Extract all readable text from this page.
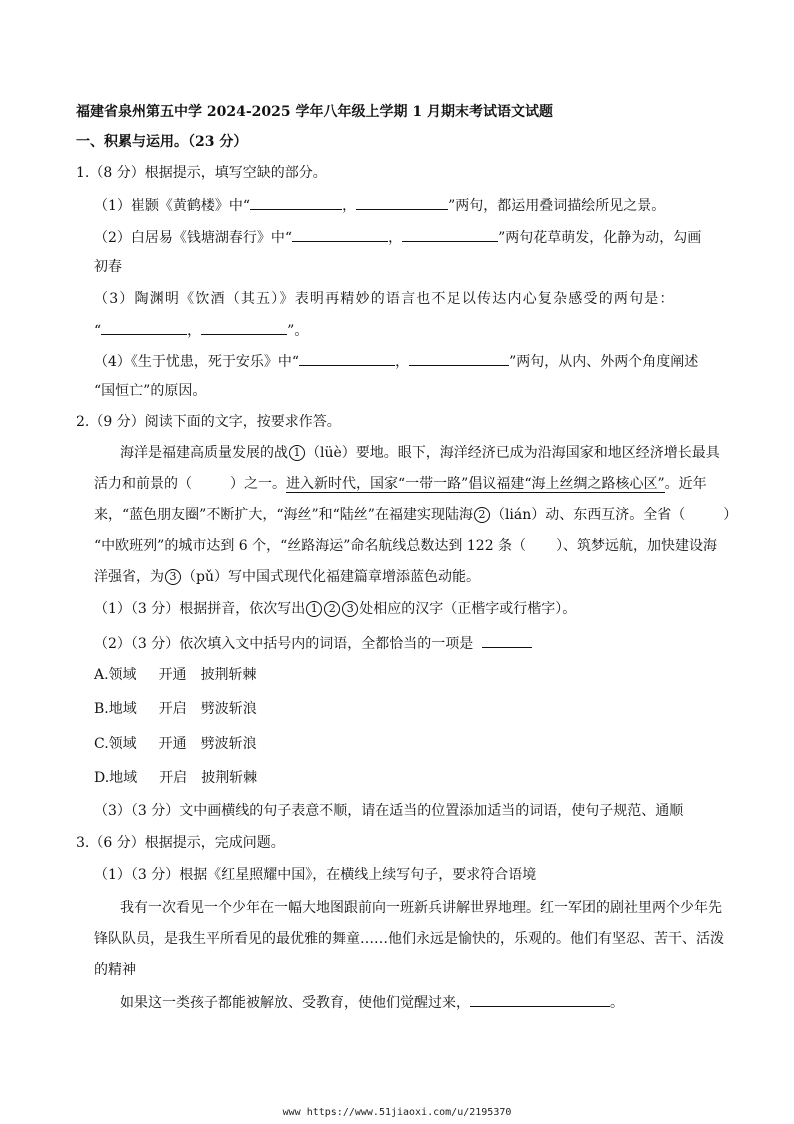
福建省泉州第五中学 2024-2025 学年八年级上学期 1 月期末考试语文试题
一、积累与运用。（23 分）
1.（8 分）根据提示，填写空缺的部分。
（1）崔颢《黄鹤楼》中“	，	”两句，都运用叠词描绘所见之景。
（2）白居易《钱塘湖春行》中“	，	”两句花草萌发，化静为动，勾画
初春
（3）陶渊明《饮酒（其五）》表明再精妙的语言也不足以传达内心复杂感受的两句是：
“	，	”。
（4）《生于忧患，死于安乐》中“	，	”两句，从内、外两个角度阐述
“国恒亡”的原因。
2.（9 分）阅读下面的文字，按要求作答。
海洋是福建高质量发展的战 1 （lüè）要地。眼下，海洋经济已成为沿海国家和地区经济增长最具
活力和前景的（	）之一。进入新时代，国家“一带一路”倡议福建“海上丝绸之路核心区”。近年
来，“蓝色朋友圈”不断扩大，“海丝”和“陆丝”在福建实现陆海 2 （lián）动、东西互济。全省（	）
“中欧班列”的城市达到 6 个，“丝路海运”命名航线总数达到 122 条（ ）、筑梦远航，加快建设海
洋强省，为 3 （pǔ）写中国式现代化福建篇章增添蓝色动能。
（1）（3 分）根据拼音，依次写出 1 2 3 处相应的汉字（正楷字或行楷字）。
（2）（3 分）依次填入文中括号内的词语，全都恰当的一项是
A.领域 开通 披荆斩棘
B.地域 开启 劈波斩浪
C.领域 开通 劈波斩浪
D.地域 开启 披荆斩棘
（3）（3 分）文中画横线的句子表意不顺，请在适当的位置添加适当的词语，使句子规范、通顺
3.（6 分）根据提示，完成问题。
（1）（3 分）根据《红星照耀中国》，在横线上续写句子，要求符合语境
我有一次看见一个少年在一幅大地图跟前向一班新兵讲解世界地理。红一军团的剧社里两个少年先
锋队队员，是我生平所看见的最优雅的舞童……他们永远是愉快的，乐观的。他们有坚忍、苦干、活泼
的精神
如果这一类孩子都能被解放、受教育，使他们觉醒过来，	。
www https://www.51jiaoxi.com/u/2195370
